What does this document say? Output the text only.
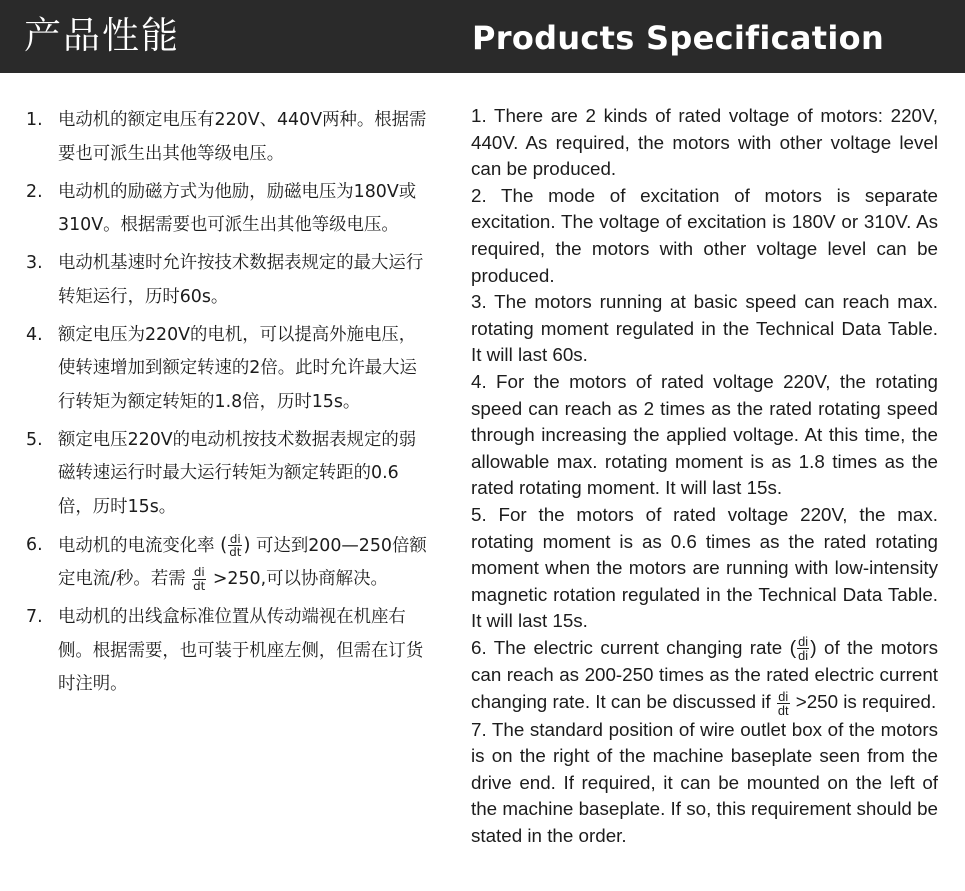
产品性能	Products Specification
1. 电动机的额定电压有220V、440V两种。根据需要也可派生出其他等级电压。
2. 电动机的励磁方式为他励，励磁电压为180V或310V。根据需要也可派生出其他等级电压。
3. 电动机基速时允许按技术数据表规定的最大运行转矩运行，历时60s。
4. 额定电压为220V的电机，可以提高外施电压，使转速增加到额定转速的2倍。此时允许最大运行转矩为额定转矩的1.8倍，历时15s。
5. 额定电压220V的电动机按技术数据表规定的弱磁转速运行时最大运行转矩为额定转距的0.6倍，历时15s。
6. 电动机的电流变化率 ( $\frac{di}{dt}$ ) 可达到200—250倍额定电流/秒。若需 $\frac{di}{dt} >250$,可以协商解决。
7. 电动机的出线盒标准位置从传动端视在机座右侧。根据需要，也可装于机座左侧，但需在订货时注明。
1. There are 2 kinds of rated voltage of motors: 220V, 440V. As required, the motors with other voltage level can be produced.
2. The mode of excitation of motors is separate excitation. The voltage of excitation is 180V or 310V. As required, the motors with other voltage level can be produced.
3. The motors running at basic speed can reach max. rotating moment regulated in the Technical Data Table. It will last 60s.
4. For the motors of rated voltage 220V, the rotating speed can reach as 2 times as the rated rotating speed through increasing the applied voltage. At this time, the allowable max. rotating moment is as 1.8 times as the rated rotating moment. It will last 15s.
5. For the motors of rated voltage 220V, the max. rotating moment is as 0.6 times as the rated rotating moment when the motors are running with low-intensity magnetic rotation regulated in the Technical Data Table. It will last 15s.
6. The electric current changing rate ( $\frac{di}{di}$ ) of the motors can reach as 200-250 times as the rated electric current changing rate. It can be discussed if $\frac{di}{dt} >250$ is required.
7. The standard position of wire outlet box of the motors is on the right of the machine baseplate seen from the drive end. If required, it can be mounted on the left of the machine baseplate. If so, this requirement should be stated in the order.
